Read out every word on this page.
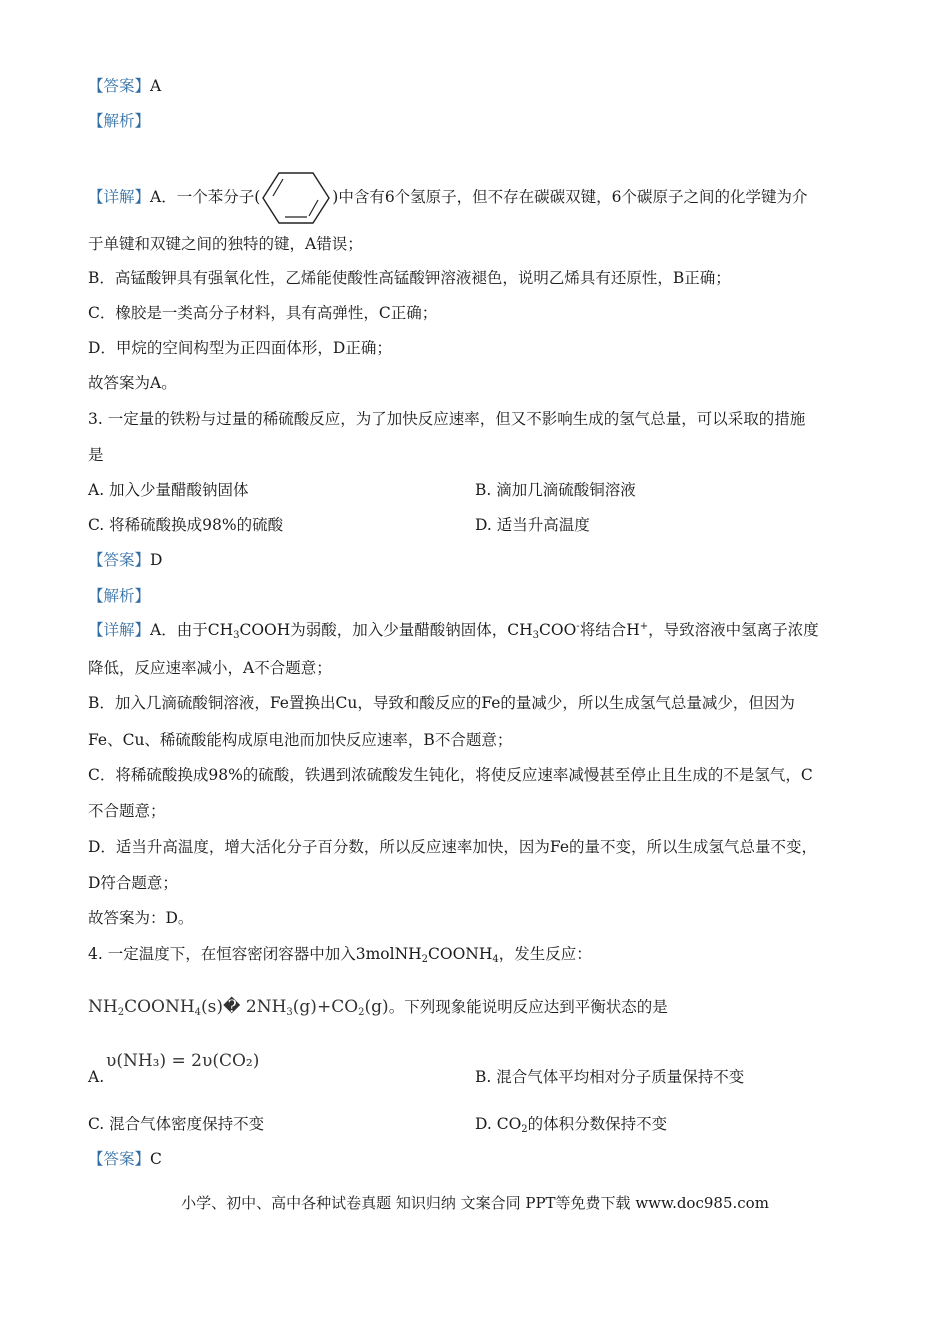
【答案】A
【解析】
【详解】A．一个苯分子(	)中含有6个氢原子，但不存在碳碳双键，6个碳原子之间的化学键为介
于单键和双键之间的独特的键，A错误；
B．高锰酸钾具有强氧化性，乙烯能使酸性高锰酸钾溶液褪色，说明乙烯具有还原性，B正确；
C．橡胶是一类高分子材料，具有高弹性，C正确；
D．甲烷的空间构型为正四面体形，D正确；
故答案为A。
3. 一定量的铁粉与过量的稀硫酸反应，为了加快反应速率，但又不影响生成的氢气总量，可以采取的措施
是
A. 加入少量醋酸钠固体	B. 滴加几滴硫酸铜溶液
C. 将稀硫酸换成98%的硫酸	D. 适当升高温度
【答案】D
【解析】
【详解】A．由于$CH_3COOH$为弱酸，加入少量醋酸钠固体，$CH_3COO^-$将结合H+，导致溶液中氢离子浓度
降低，反应速率减小，A不合题意；
B．加入几滴硫酸铜溶液，Fe置换出Cu，导致和酸反应的Fe的量减少，所以生成氢气总量减少，但因为
Fe、Cu、稀硫酸能构成原电池而加快反应速率，B不合题意；
C．将稀硫酸换成98%的硫酸，铁遇到浓硫酸发生钝化，将使反应速率减慢甚至停止且生成的不是氢气，C
不合题意；
D．适当升高温度，增大活化分子百分数，所以反应速率加快，因为Fe的量不变，所以生成氢气总量不变，
D符合题意；
故答案为：D。
4. 一定温度下，在恒容密闭容器中加入$3molNH_2COONH_4$，发生反应：
$NH_2COONH_4(s)�$ $2NH_3(g)+CO_2(g)$。下列现象能说明反应达到平衡状态的是
A.
υ(NH₃) = 2υ(CO₂)
B. 混合气体平均相对分子质量保持不变
C. 混合气体密度保持不变	D. $CO_2$的体积分数保持不变
【答案】C
小学、初中、高中各种试卷真题 知识归纳 文案合同 PPT等免费下载 www.doc985.com
